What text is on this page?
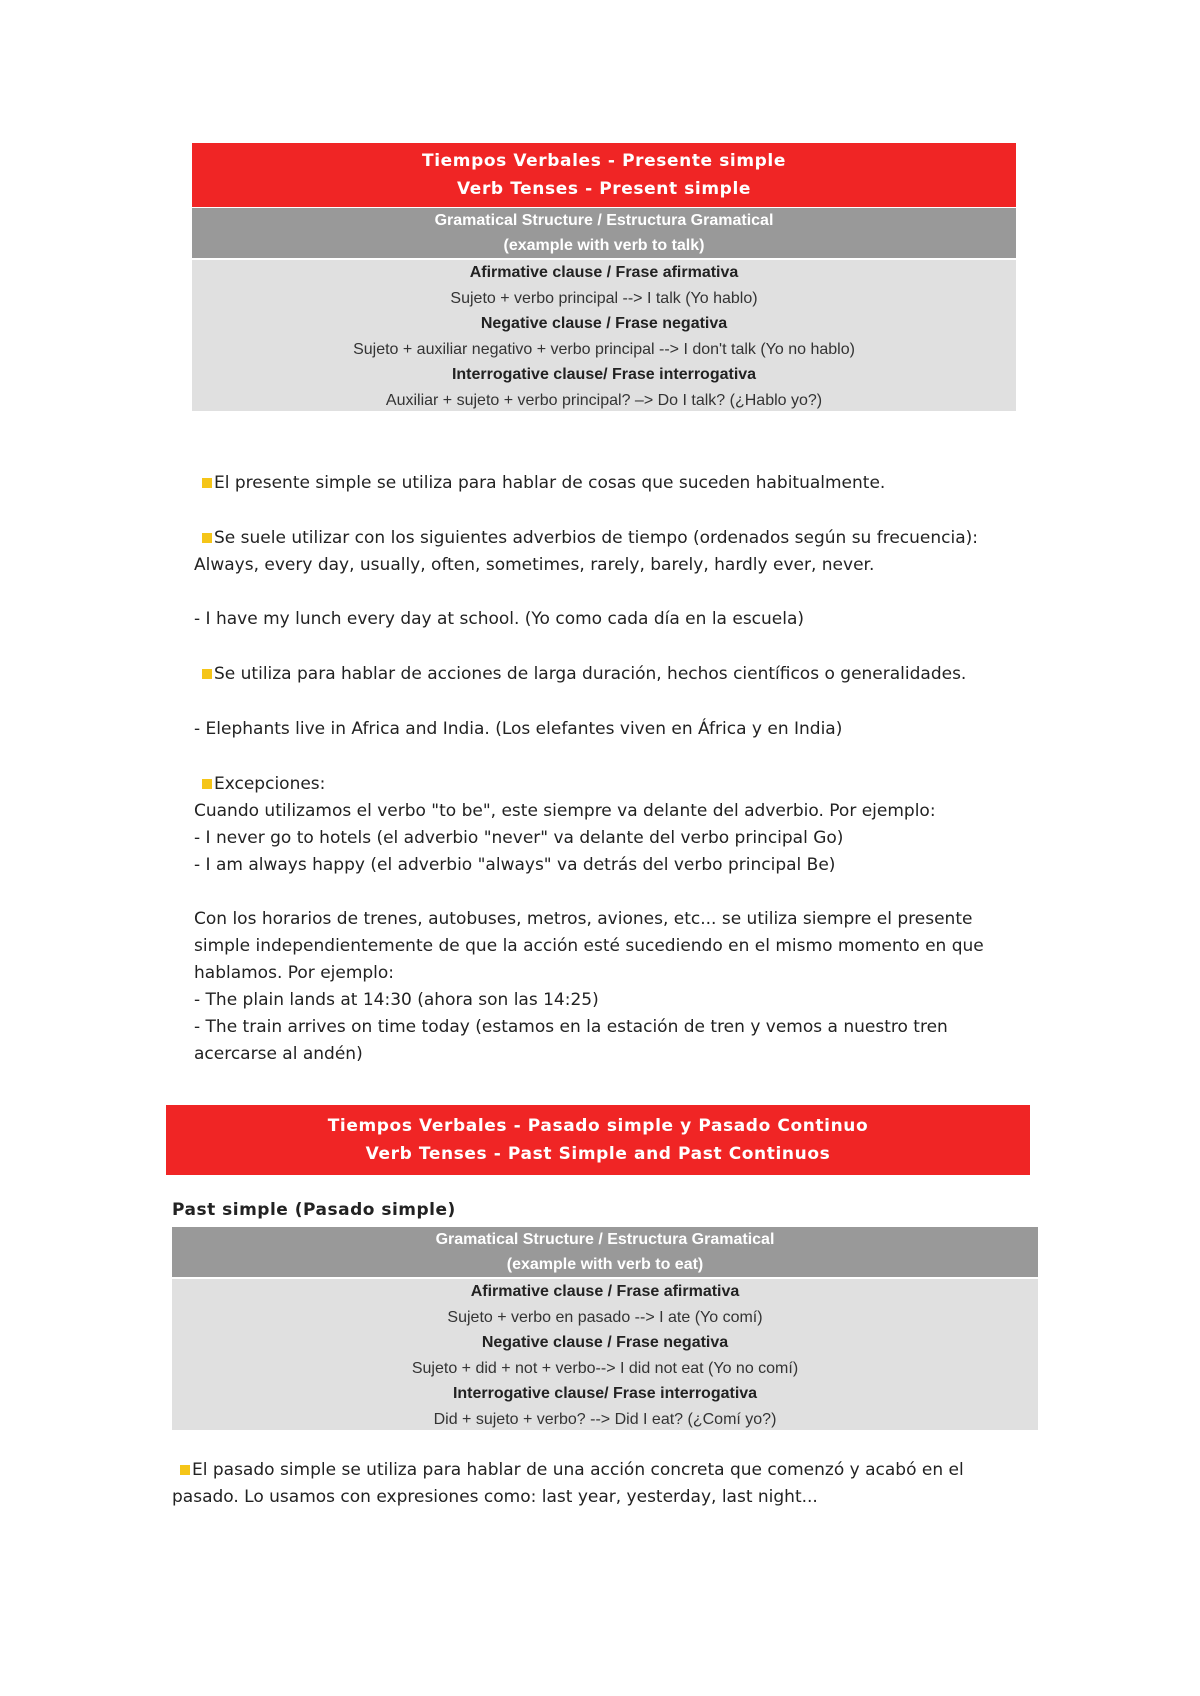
Tiempos Verbales - Presente simple
Verb Tenses - Present simple
Gramatical Structure / Estructura Gramatical
(example with verb to talk)
Afirmative clause / Frase afirmativa
Sujeto + verbo principal --> I talk (Yo hablo)
Negative clause / Frase negativa
Sujeto + auxiliar negativo + verbo principal --> I don't talk (Yo no hablo)
Interrogative clause/ Frase interrogativa
Auxiliar + sujeto + verbo principal? –> Do I talk? (¿Hablo yo?)
El presente simple se utiliza para hablar de cosas que suceden habitualmente.
Se suele utilizar con los siguientes adverbios de tiempo (ordenados según su frecuencia):
Always, every day, usually, often, sometimes, rarely, barely, hardly ever, never.
- I have my lunch every day at school. (Yo como cada día en la escuela)
Se utiliza para hablar de acciones de larga duración, hechos científicos o generalidades.
- Elephants live in Africa and India. (Los elefantes viven en África y en India)
Excepciones:
Cuando utilizamos el verbo "to be", este siempre va delante del adverbio. Por ejemplo:
- I never go to hotels (el adverbio "never" va delante del verbo principal Go)
- I am always happy (el adverbio "always" va detrás del verbo principal Be)
Con los horarios de trenes, autobuses, metros, aviones, etc... se utiliza siempre el presente
simple independientemente de que la acción esté sucediendo en el mismo momento en que
hablamos. Por ejemplo:
- The plain lands at 14:30 (ahora son las 14:25)
- The train arrives on time today (estamos en la estación de tren y vemos a nuestro tren
acercarse al andén)
Tiempos Verbales - Pasado simple y Pasado Continuo
Verb Tenses - Past Simple and Past Continuos
Past simple (Pasado simple)
Gramatical Structure / Estructura Gramatical
(example with verb to eat)
Afirmative clause / Frase afirmativa
Sujeto + verbo en pasado --> I ate (Yo comí)
Negative clause / Frase negativa
Sujeto + did + not + verbo--> I did not eat (Yo no comí)
Interrogative clause/ Frase interrogativa
Did + sujeto + verbo? --> Did I eat? (¿Comí yo?)
El pasado simple se utiliza para hablar de una acción concreta que comenzó y acabó en el
pasado. Lo usamos con expresiones como: last year, yesterday, last night...
